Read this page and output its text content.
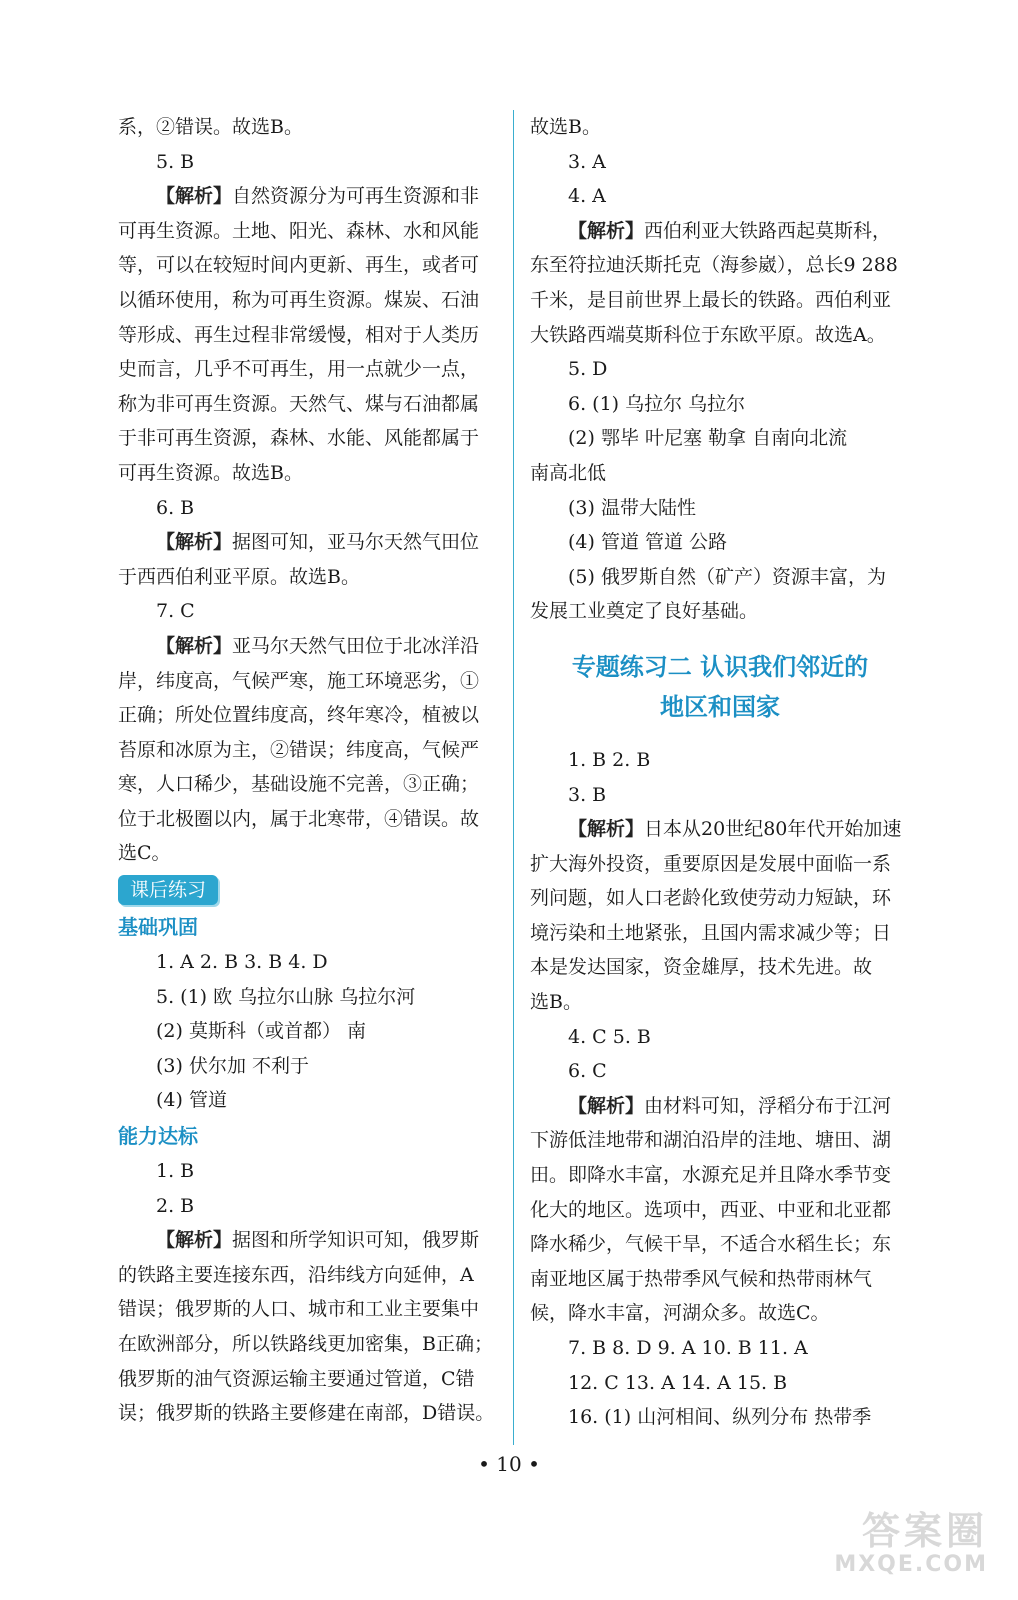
系，②错误。故选B。
5. B
【解析】自然资源分为可再生资源和非
可再生资源。土地、阳光、森林、水和风能
等，可以在较短时间内更新、再生，或者可
以循环使用，称为可再生资源。煤炭、石油
等形成、再生过程非常缓慢，相对于人类历
史而言，几乎不可再生，用一点就少一点，
称为非可再生资源。天然气、煤与石油都属
于非可再生资源，森林、水能、风能都属于
可再生资源。故选B。
6. B
【解析】据图可知，亚马尔天然气田位
于西西伯利亚平原。故选B。
7. C
【解析】亚马尔天然气田位于北冰洋沿
岸，纬度高，气候严寒，施工环境恶劣，①
正确；所处位置纬度高，终年寒冷，植被以
苔原和冰原为主，②错误；纬度高，气候严
寒，人口稀少，基础设施不完善，③正确；
位于北极圈以内，属于北寒带，④错误。故
选C。
课后练习
基础巩固
1. A 2. B 3. B 4. D
5. (1) 欧 乌拉尔山脉 乌拉尔河
(2) 莫斯科（或首都） 南
(3) 伏尔加 不利于
(4) 管道
能力达标
1. B
2. B
【解析】据图和所学知识可知，俄罗斯
的铁路主要连接东西，沿纬线方向延伸，A
错误；俄罗斯的人口、城市和工业主要集中
在欧洲部分，所以铁路线更加密集，B正确；
俄罗斯的油气资源运输主要通过管道，C错
误；俄罗斯的铁路主要修建在南部，D错误。
故选B。
3. A
4. A
【解析】西伯利亚大铁路西起莫斯科，
东至符拉迪沃斯托克（海参崴），总长9 288
千米，是目前世界上最长的铁路。西伯利亚
大铁路西端莫斯科位于东欧平原。故选A。
5. D
6. (1) 乌拉尔 乌拉尔
(2) 鄂毕 叶尼塞 勒拿 自南向北流
南高北低
(3) 温带大陆性
(4) 管道 管道 公路
(5) 俄罗斯自然（矿产）资源丰富，为
发展工业奠定了良好基础。
专题练习二 认识我们邻近的
地区和国家
1. B 2. B
3. B
【解析】日本从20世纪80年代开始加速
扩大海外投资，重要原因是发展中面临一系
列问题，如人口老龄化致使劳动力短缺，环
境污染和土地紧张，且国内需求减少等；日
本是发达国家，资金雄厚，技术先进。故
选B。
4. C 5. B
6. C
【解析】由材料可知，浮稻分布于江河
下游低洼地带和湖泊沿岸的洼地、塘田、湖
田。即降水丰富，水源充足并且降水季节变
化大的地区。选项中，西亚、中亚和北亚都
降水稀少，气候干旱，不适合水稻生长；东
南亚地区属于热带季风气候和热带雨林气
候，降水丰富，河湖众多。故选C。
7. B 8. D 9. A 10. B 11. A
12. C 13. A 14. A 15. B
16. (1) 山河相间、纵列分布 热带季
• 10 •
答案圈
MXQE.COM
